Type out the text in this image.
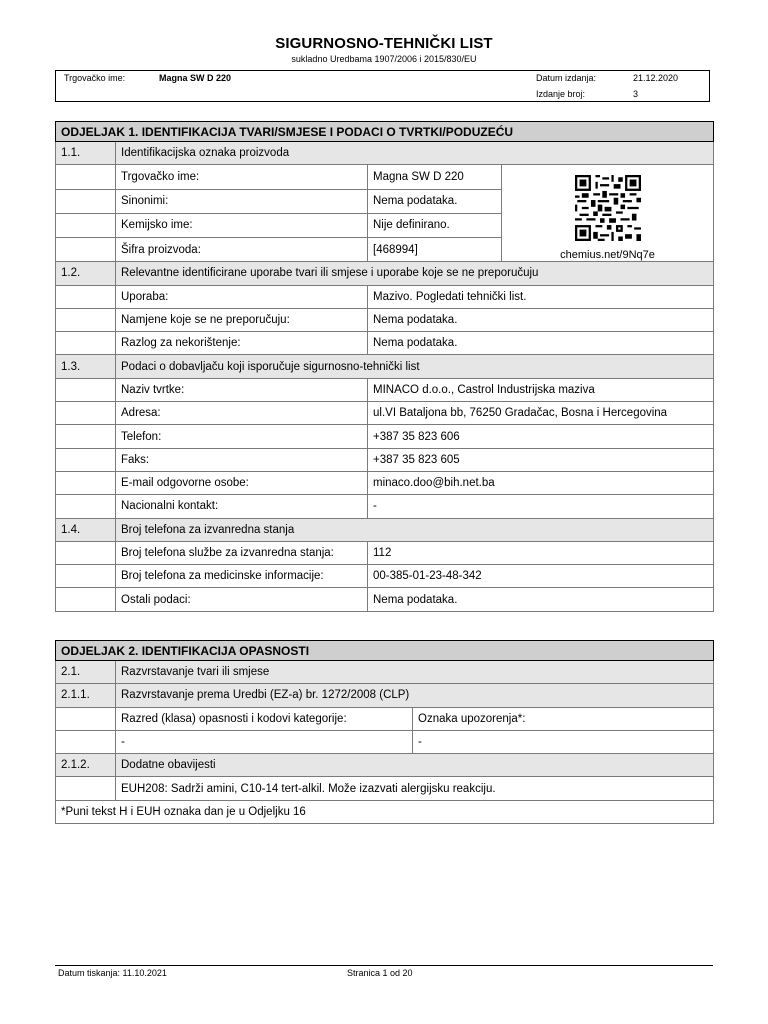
SIGURNOSNO-TEHNIČKI LIST
sukladno Uredbama 1907/2006 i 2015/830/EU
Trgovačko ime:	Magna SW D 220	Datum izdanja:	21.12.2020
Izdanje broj:	3
ODJELJAK 1. IDENTIFIKACIJA TVARI/SMJESE I PODACI O TVRTKI/PODUZEĆU			
1.1.	Identifikacijska oznaka proizvoda		
	Trgovačko ime:	Magna SW D 220	chemius.net/9Nq7e

	Sinonimi:	Nema podataka.	
	Kemijsko ime:	Nije definirano.	
	Šifra proizvoda:	[468994]	
1.2.	Relevantne identificirane uporabe tvari ili smjese i uporabe koje se ne preporučuju		
	Uporaba:	Mazivo. Pogledati tehnički list.	
	Namjene koje se ne preporučuju:	Nema podataka.	
	Razlog za nekorištenje:	Nema podataka.	
1.3.	Podaci o dobavljaču koji isporučuje sigurnosno-tehnički list		
	Naziv tvrtke:	MINACO d.o.o., Castrol Industrijska maziva	
	Adresa:	ul.VI Bataljona bb, 76250 Gradačac, Bosna i Hercegovina	
	Telefon:	+387 35 823 606	
	Faks:	+387 35 823 605	
	E-mail odgovorne osobe:	minaco.doo@bih.net.ba	
	Nacionalni kontakt:	-	
1.4.	Broj telefona za izvanredna stanja		
	Broj telefona službe za izvanredna stanja:	112	
	Broj telefona za medicinske informacije:	00-385-01-23-48-342	
	Ostali podaci:	Nema podataka.	
ODJELJAK 2. IDENTIFIKACIJA OPASNOSTI		
2.1.	Razvrstavanje tvari ili smjese	
2.1.1.	Razvrstavanje prema Uredbi (EZ-a) br. 1272/2008 (CLP)	
	Razred (klasa) opasnosti i kodovi kategorije:	Oznaka upozorenja*:
	-	-
2.1.2.	Dodatne obavijesti	
	EUH208: Sadrži amini, C10-14 tert-alkil. Može izazvati alergijsku reakciju.	
*Puni tekst H i EUH oznaka dan je u Odjeljku 16		
Datum tiskanja: 11.10.2021	Stranica 1 od 20
